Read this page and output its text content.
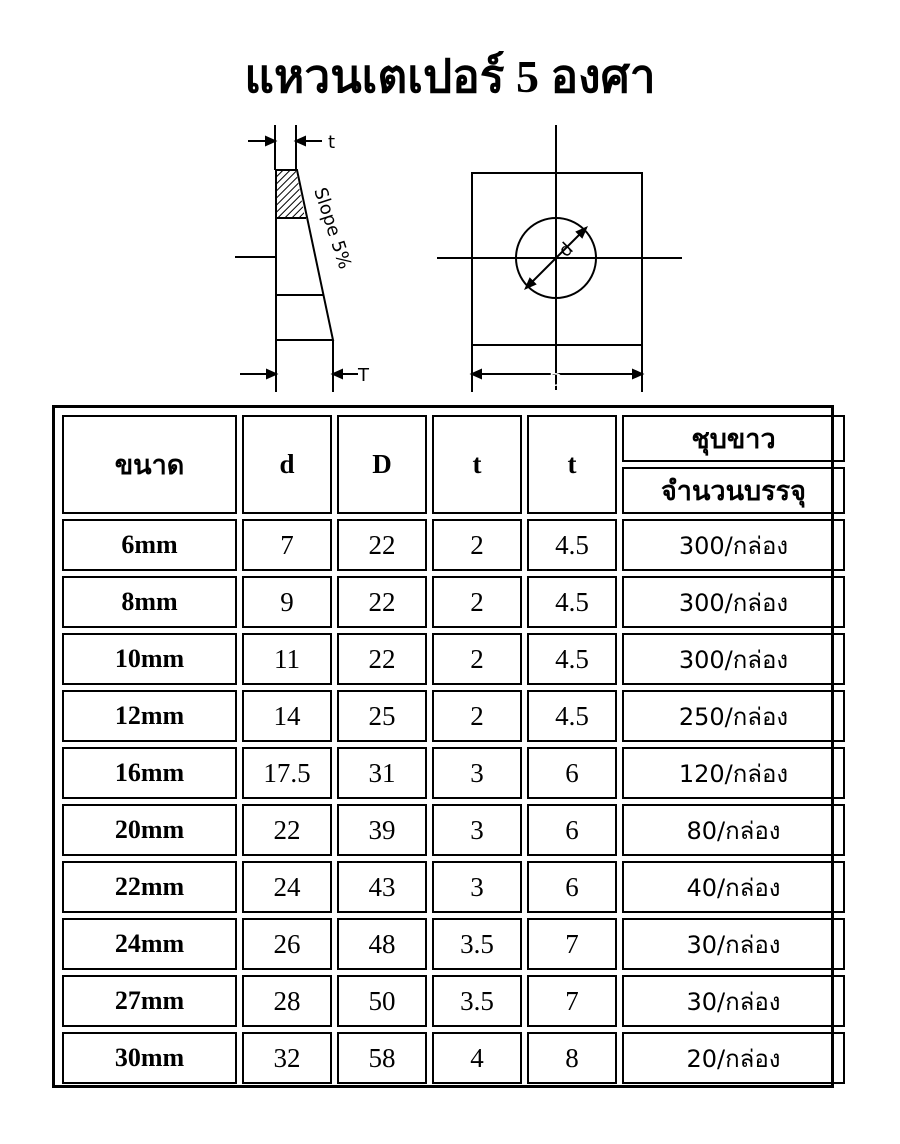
แหวนเตเปอร์ 5 องศา
t
Slope 5%
T
d
D
ขนาด	d	D	t	t	ชุบขาว
					จำนวนบรรจุ
6mm	7	22	2	4.5	300/กล่อง
8mm	9	22	2	4.5	300/กล่อง
10mm	11	22	2	4.5	300/กล่อง
12mm	14	25	2	4.5	250/กล่อง
16mm	17.5	31	3	6	120/กล่อง
20mm	22	39	3	6	80/กล่อง
22mm	24	43	3	6	40/กล่อง
24mm	26	48	3.5	7	30/กล่อง
27mm	28	50	3.5	7	30/กล่อง
30mm	32	58	4	8	20/กล่อง
